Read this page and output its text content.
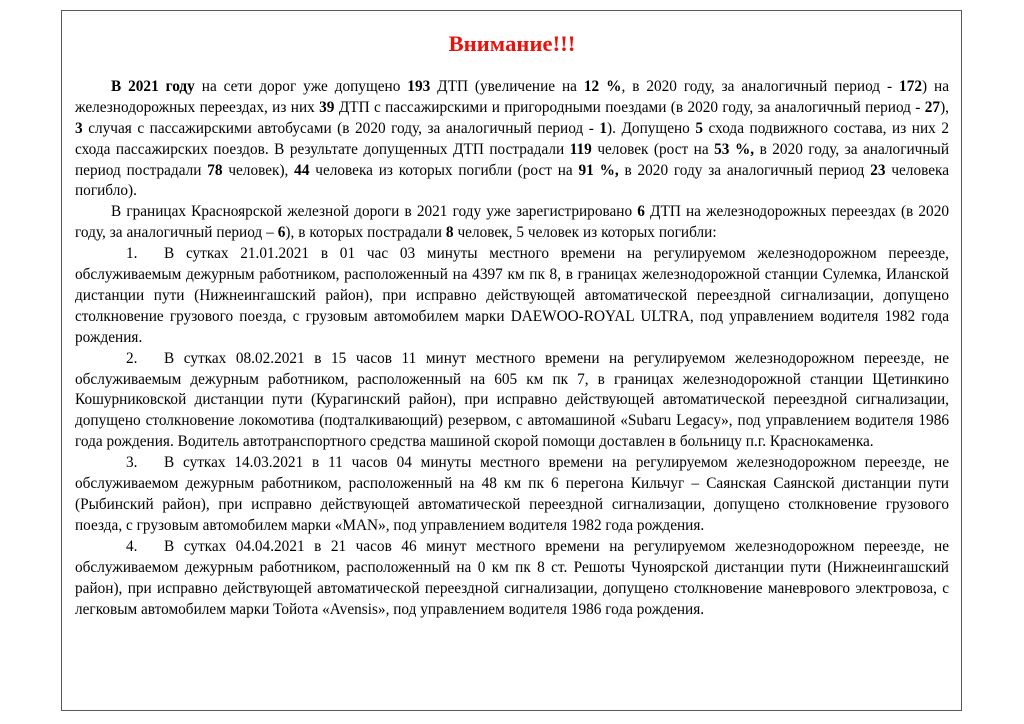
Внимание!!!

В 2021 году на сети дорог уже допущено 193 ДТП (увеличение на 12 %, в 2020 году, за аналогичный период - 172) на железнодорожных переездах, из них 39 ДТП с пассажирскими и пригородными поездами (в 2020 году, за аналогичный период - 27), 3 случая с пассажирскими автобусами (в 2020 году, за аналогичный период - 1). Допущено 5 схода подвижного состава, из них 2 схода пассажирских поездов. В результате допущенных ДТП пострадали 119 человек (рост на 53 %, в 2020 году, за аналогичный период пострадали 78 человек), 44 человека из которых погибли (рост на 91 %, в 2020 году за аналогичный период 23 человека погибло).

В границах Красноярской железной дороги в 2021 году уже зарегистрировано 6 ДТП на железнодорожных переездах (в 2020 году, за аналогичный период – 6), в которых пострадали 8 человек, 5 человек из которых погибли:

1. В сутках 21.01.2021 в 01 час 03 минуты местного времени на регулируемом железнодорожном переезде, обслуживаемым дежурным работником, расположенный на 4397 км пк 8, в границах железнодорожной станции Сулемка, Иланской дистанции пути (Нижнеингашский район), при исправно действующей автоматической переездной сигнализации, допущено столкновение грузового поезда, с грузовым автомобилем марки DAEWOO-ROYAL ULTRA, под управлением водителя 1982 года рождения.

2. В сутках 08.02.2021 в 15 часов 11 минут местного времени на регулируемом железнодорожном переезде, не обслуживаемым дежурным работником, расположенный на 605 км пк 7, в границах железнодорожной станции Щетинкино Кошурниковской дистанции пути (Курагинский район), при исправно действующей автоматической переездной сигнализации, допущено столкновение локомотива (подталкивающий) резервом, с автомашиной «Subaru Legacy», под управлением водителя 1986 года рождения. Водитель автотранспортного средства машиной скорой помощи доставлен в больницу п.г. Краснокаменка.

3. В сутках 14.03.2021 в 11 часов 04 минуты местного времени на регулируемом железнодорожном переезде, не обслуживаемом дежурным работником, расположенный на 48 км пк 6 перегона Кильчуг – Саянская Саянской дистанции пути (Рыбинский район), при исправно действующей автоматической переездной сигнализации, допущено столкновение грузового поезда, с грузовым автомобилем марки «MAN», под управлением водителя 1982 года рождения.

4. В сутках 04.04.2021 в 21 часов 46 минут местного времени на регулируемом железнодорожном переезде, не обслуживаемом дежурным работником, расположенный на 0 км пк 8 ст. Решоты Чуноярской дистанции пути (Нижнеингашский район), при исправно действующей автоматической переездной сигнализации, допущено столкновение маневрового электровоза, с легковым автомобилем марки Тойота «Avensis», под управлением водителя 1986 года рождения.
